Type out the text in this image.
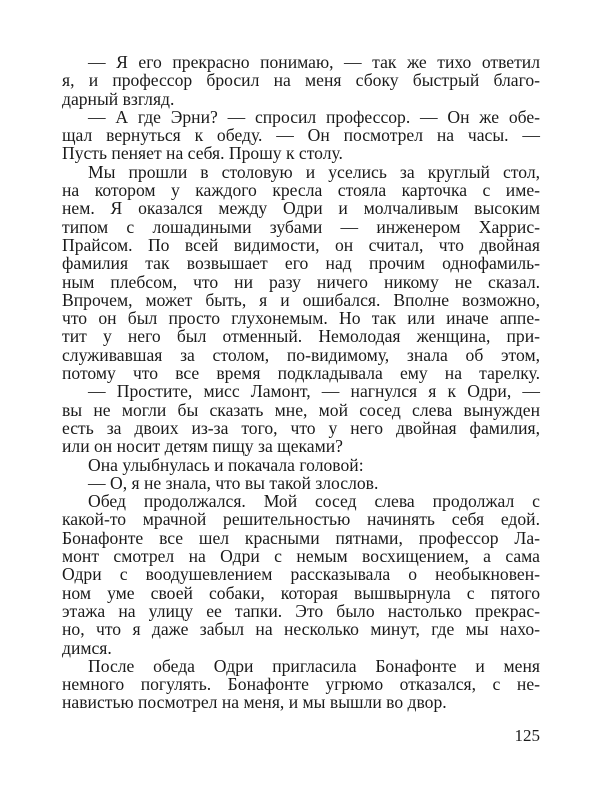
— Я его прекрасно понимаю, — так же тихо ответил
я, и профессор бросил на меня сбоку быстрый благо-
дарный взгляд.
— А где Эрни? — спросил профессор. — Он же обе-
щал вернуться к обеду. — Он посмотрел на часы. —
Пусть пеняет на себя. Прошу к столу.
Мы прошли в столовую и уселись за круглый стол,
на котором у каждого кресла стояла карточка с име-
нем. Я оказался между Одри и молчаливым высоким
типом с лошадиными зубами — инженером Харрис-
Прайсом. По всей видимости, он считал, что двойная
фамилия так возвышает его над прочим однофамиль-
ным плебсом, что ни разу ничего никому не сказал.
Впрочем, может быть, я и ошибался. Вполне возможно,
что он был просто глухонемым. Но так или иначе аппе-
тит у него был отменный. Немолодая женщина, при-
служивавшая за столом, по-видимому, знала об этом,
потому что все время подкладывала ему на тарелку.
— Простите, мисс Ламонт, — нагнулся я к Одри, —
вы не могли бы сказать мне, мой сосед слева вынужден
есть за двоих из-за того, что у него двойная фамилия,
или он носит детям пищу за щеками?
Она улыбнулась и покачала головой:
— О, я не знала, что вы такой злослов.
Обед продолжался. Мой сосед слева продолжал с
какой-то мрачной решительностью начинять себя едой.
Бонафонте все шел красными пятнами, профессор Ла-
монт смотрел на Одри с немым восхищением, а сама
Одри с воодушевлением рассказывала о необыкновен-
ном уме своей собаки, которая вышвырнула с пятого
этажа на улицу ее тапки. Это было настолько прекрас-
но, что я даже забыл на несколько минут, где мы нахо-
димся.
После обеда Одри пригласила Бонафонте и меня
немного погулять. Бонафонте угрюмо отказался, с не-
навистью посмотрел на меня, и мы вышли во двор.
125
